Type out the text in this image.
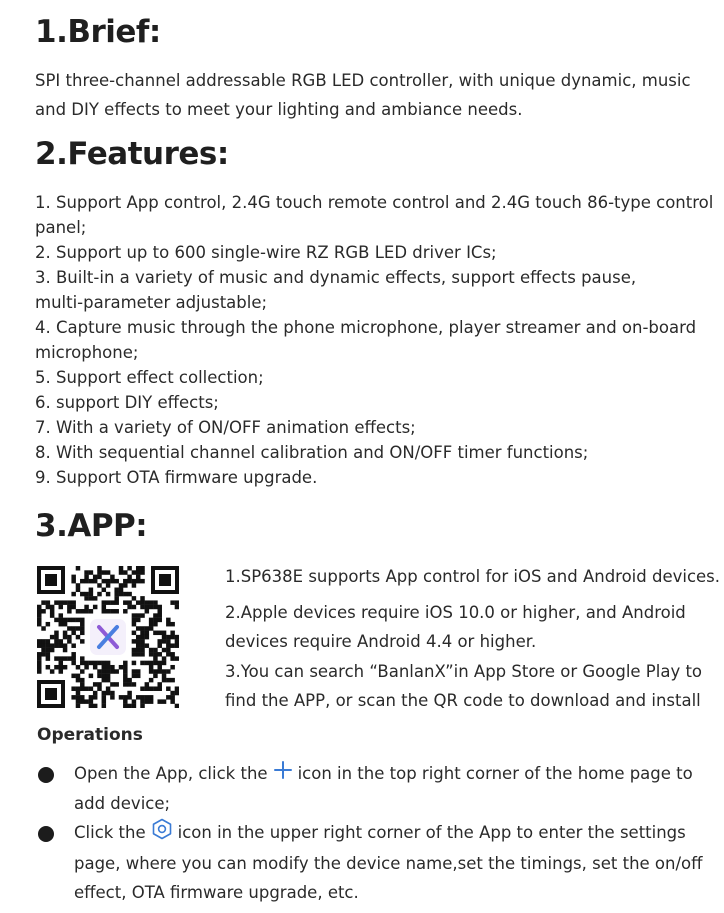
1.Brief:
SPI three-channel addressable RGB LED controller, with unique dynamic, music
and DIY effects to meet your lighting and ambiance needs.
2.Features:
1. Support App control, 2.4G touch remote control and 2.4G touch 86-type control
panel;
2. Support up to 600 single-wire RZ RGB LED driver ICs;
3. Built-in a variety of music and dynamic effects, support effects pause,
multi-parameter adjustable;
4. Capture music through the phone microphone, player streamer and on-board
microphone;
5. Support effect collection;
6. support DIY effects;
7. With a variety of ON/OFF animation effects;
8. With sequential channel calibration and ON/OFF timer functions;
9. Support OTA firmware upgrade.
3.APP:
1.SP638E supports App control for iOS and Android devices.
2.Apple devices require iOS 10.0 or higher, and Android
devices require Android 4.4 or higher.
3.You can search “BanlanX”in App Store or Google Play to
find the APP, or scan the QR code to download and install
Operations
Open the App, click the icon in the top right corner of the home page to
add device;
Click the icon in the upper right corner of the App to enter the settings
page, where you can modify the device name,set the timings, set the on/off
effect, OTA firmware upgrade, etc.
